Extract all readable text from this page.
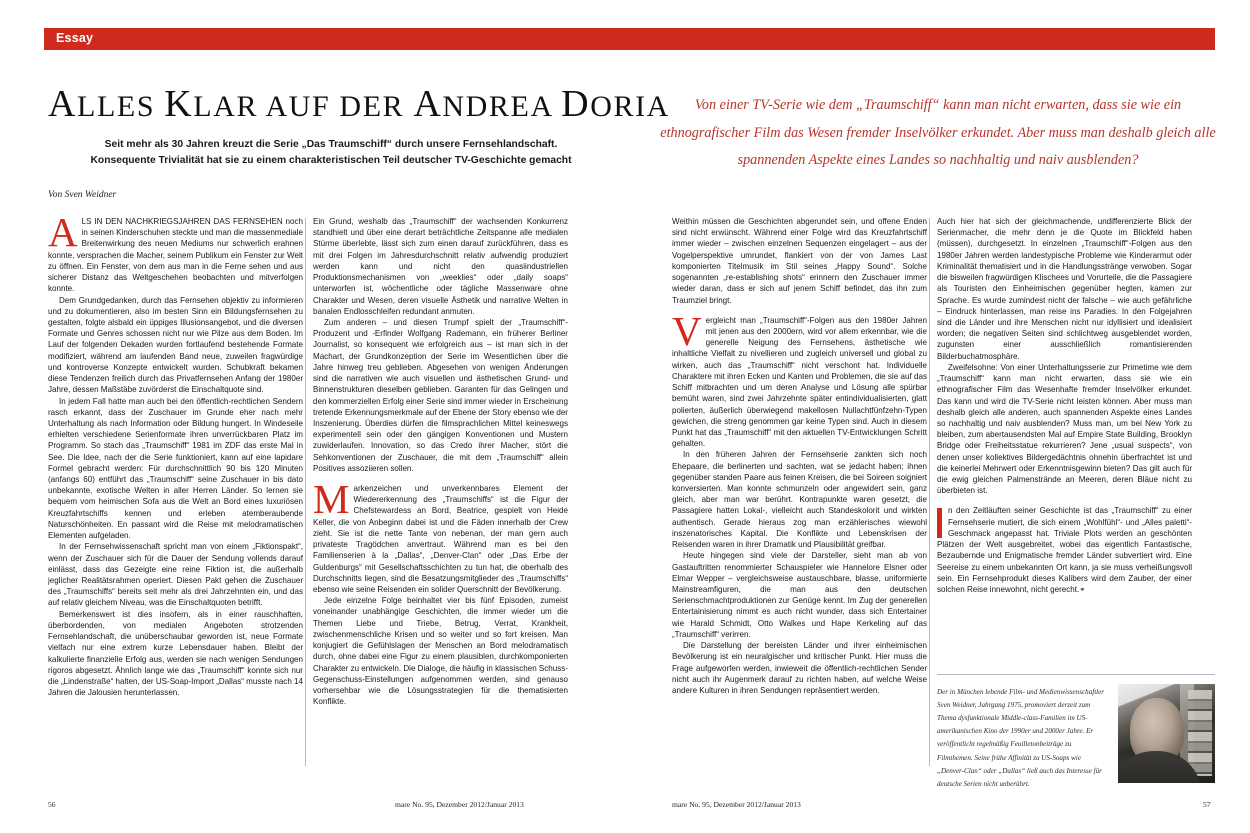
Essay
ALLES KLAR AUF DER ANDREA DORIA

Seit mehr als 30 Jahren kreuzt die Serie „Das Traumschiff“ durch unsere Fernsehlandschaft.

Konsequente Trivialität hat sie zu einem charakteristischen Teil deutscher TV-Geschichte gemacht

Von Sven Weidner
Von einer TV-Serie wie dem „Traumschiff“ kann man nicht erwarten, dass sie wie ein ethnografischer Film das Wesen fremder Inselvölker erkundet. Aber muss man deshalb gleich alle spannenden Aspekte eines Landes so nachhaltig und naiv ausblenden?

ALS IN DEN NACHKRIEGSJAHREN DAS FERNSEHEN noch in seinen Kinderschuhen steckte und man die massenmediale Breitenwirkung des neuen Mediums nur schwerlich erahnen konnte, versprachen die Macher, seinem Publikum ein Fenster zur Welt zu öffnen. Ein Fenster, von dem aus man in die Ferne sehen und aus sicherer Distanz das Weltgeschehen beobachten und mitverfolgen konnte.

Dem Grundgedanken, durch das Fernsehen objektiv zu informieren und zu dokumentieren, also im besten Sinn ein Bildungsfernsehen zu gestalten, folgte alsbald ein üppiges Illusionsangebot, und die diversen Formate und Genres schossen nicht nur wie Pilze aus dem Boden. Im Lauf der folgenden Dekaden wurden fortlaufend bestehende Formate modifiziert, während am laufenden Band neue, zuweilen fragwürdige und kontroverse Konzepte entwickelt wurden. Schubkraft bekamen diese Tendenzen freilich durch das Privatfernsehen Anfang der 1980er Jahre, dessen Maßstäbe zuvörderst die Einschaltquote sind.

In jedem Fall hatte man auch bei den öffentlich-rechtlichen Sendern rasch erkannt, dass der Zuschauer im Grunde eher nach mehr Unterhaltung als nach Information oder Bildung hungert. In Windeseile erhielten verschiedene Serienformate ihren unverrückbaren Platz im Programm. So stach das „Traumschiff“ 1981 im ZDF das erste Mal in See. Die Idee, nach der die Serie funktioniert, kann auf eine lapidare Formel gebracht werden: Für durchschnittlich 90 bis 120 Minuten (anfangs 60) entführt das „Traumschiff“ seine Zuschauer in bis dato unbekannte, exotische Welten in aller Herren Länder. So lernen sie bequem vom heimischen Sofa aus die Welt an Bord eines luxuriösen Kreuzfahrtschiffs kennen und erleben atemberaubende Naturschönheiten. En passant wird die Reise mit melodramatischen Elementen aufgeladen.

In der Fernsehwissenschaft spricht man von einem „Fiktionspakt“, wenn der Zuschauer sich für die Dauer der Sendung vollends darauf einlässt, dass das Gezeigte eine reine Fiktion ist, die außerhalb jeglicher Realitätsrahmen operiert. Diesen Pakt gehen die Zuschauer des „Traumschiffs“ bereits seit mehr als drei Jahrzehnten ein, und das auf relativ gleichem Niveau, was die Einschaltquoten betrifft.

Bemerkenswert ist dies insofern, als in einer rauschhaften, überbordenden, von medialen Angeboten strotzenden Fernsehlandschaft, die unüberschaubar geworden ist, neue Formate vielfach nur eine extrem kurze Lebensdauer haben. Bleibt der kalkulierte finanzielle Erfolg aus, werden sie nach wenigen Sendungen rigoros abgesetzt. Ähnlich lange wie das „Traumschiff“ konnte sich nur die „Lindenstraße“ halten, der US-Soap-Import „Dallas“ musste nach 14 Jahren die Jalousien herunterlassen.

Ein Grund, weshalb das „Traumschiff“ der wachsenden Konkurrenz standhielt und über eine derart beträchtliche Zeitspanne alle medialen Stürme überlebte, lässt sich zum einen darauf zurückführen, dass es mit drei Folgen im Jahresdurchschnitt relativ aufwendig produziert werden kann und nicht den quasiindustriellen Produktionsmechanismen von „weeklies“ oder „daily soaps“ unterworfen ist, wöchentliche oder tägliche Massenware ohne Charakter und Wesen, deren visuelle Ästhetik und narrative Welten in banalen Endlosschleifen redundant anmuten.

Zum anderen – und diesen Trumpf spielt der „Traumschiff“-Produzent und -Erfinder Wolfgang Rademann, ein früherer Berliner Journalist, so konsequent wie erfolgreich aus – ist man sich in der Machart, der Grundkonzeption der Serie im Wesentlichen über die Jahre hinweg treu geblieben. Abgesehen von wenigen Änderungen sind die narrativen wie auch visuellen und ästhetischen Grund- und Binnenstrukturen dieselben geblieben. Garanten für das Gelingen und den kommerziellen Erfolg einer Serie sind immer wieder in Erscheinung tretende Erkennungsmerkmale auf der Ebene der Story ebenso wie der Inszenierung. Überdies dürfen die filmsprachlichen Mittel keineswegs experimentell sein oder den gängigen Konventionen und Mustern zuwiderlaufen. Innovation, so das Credo ihrer Macher, stört die Sehkonventionen der Zuschauer, die mit dem „Traumschiff“ allein Positives assoziieren sollen.

Markenzeichen und unverkennbares Element der Wiedererkennung des „Traumschiffs“ ist die Figur der Chefstewardess an Bord, Beatrice, gespielt von Heide Keller, die von Anbeginn dabei ist und die Fäden innerhalb der Crew zieht. Sie ist die nette Tante von nebenan, der man gern auch privateste Tragödchen anvertraut. Während man es bei den Familienserien à la „Dallas“, „Denver-Clan“ oder „Das Erbe der Guldenburgs“ mit Gesellschaftsschichten zu tun hat, die oberhalb des Durchschnitts liegen, sind die Besatzungsmitglieder des „Traumschiffs“ ebenso wie seine Reisenden ein solider Querschnitt der Bevölkerung.

Jede einzelne Folge beinhaltet vier bis fünf Episoden, zumeist voneinander unabhängige Geschichten, die immer wieder um die Themen Liebe und Triebe, Betrug, Verrat, Krankheit, zwischenmenschliche Krisen und so weiter und so fort kreisen. Man konjugiert die Gefühlslagen der Menschen an Bord melodramatisch durch, ohne dabei eine Figur zu einem plausiblen, durchkomponierten Charakter zu entwickeln. Die Dialoge, die häufig in klassischen Schuss-Gegenschuss-Einstellungen aufgenommen werden, sind genauso vorhersehbar wie die Lösungsstrategien für die thematisierten Konflikte.

Weithin müssen die Geschichten abgerundet sein, und offene Enden sind nicht erwünscht. Während einer Folge wird das Kreuzfahrtschiff immer wieder – zwischen einzelnen Sequenzen eingelagert – aus der Vogelperspektive umrundet, flankiert von der von James Last komponierten Titelmusik im Stil seines „Happy Sound“. Solche sogenannten „re-establishing shots“ erinnern den Zuschauer immer wieder daran, dass er sich auf jenem Schiff befindet, das ihn zum Traumziel bringt.

Vergleicht man „Traumschiff“-Folgen aus den 1980er Jahren mit jenen aus den 2000ern, wird vor allem erkennbar, wie die generelle Neigung des Fernsehens, ästhetische wie inhaltliche Vielfalt zu nivellieren und zugleich universell und global zu wirken, auch das „Traumschiff“ nicht verschont hat. Individuelle Charaktere mit ihren Ecken und Kanten und Problemen, die sie auf das Schiff mitbrachten und um deren Analyse und Lösung alle spürbar bemüht waren, sind zwei Jahrzehnte später entindividualisierten, glatt polierten, äußerlich überwiegend makellosen Nullachtfünfzehn-Typen gewichen, die streng genommen gar keine Typen sind. Auch in diesem Punkt hat das „Traumschiff“ mit den aktuellen TV-Entwicklungen Schritt gehalten.

In den früheren Jahren der Fernsehserie zankten sich noch Ehepaare, die berlinerten und sachten, wat se jedacht haben; ihnen gegenüber standen Paare aus feinen Kreisen, die bei Soireen soigniert konversierten. Man konnte schmunzeln oder angewidert sein, ganz gleich, aber man war berührt. Kontrapunkte waren gesetzt, die Passagiere hatten Lokal-, vielleicht auch Standeskolorit und wirkten authentisch. Gerade hieraus zog man erzählerisches wiewohl inszenatorisches Kapital. Die Konflikte und Lebenskrisen der Reisenden waren in ihrer Dramatik und Plausibilität greifbar.

Heute hingegen sind viele der Darsteller, sieht man ab von Gastauftritten renommierter Schauspieler wie Hannelore Elsner oder Elmar Wepper – vergleichsweise austauschbare, blasse, uniformierte Mainstreamfiguren, die man aus den deutschen Serienschmachtproduktionen zur Genüge kennt. Im Zug der generellen Entertainisierung nimmt es auch nicht wunder, dass sich Entertainer wie Harald Schmidt, Otto Walkes und Hape Kerkeling auf das „Traumschiff“ verirren.

Die Darstellung der bereisten Länder und ihrer einheimischen Bevölkerung ist ein neuralgischer und kritischer Punkt. Hier muss die Frage aufgeworfen werden, inwieweit die öffentlich-rechtlichen Sender nicht auch ihr Augenmerk darauf zu richten haben, auf welche Weise andere Kulturen in ihren Sendungen repräsentiert werden.

Auch hier hat sich der gleichmachende, undifferenzierte Blick der Serienmacher, die mehr denn je die Quote im Blickfeld haben (müssen), durchgesetzt. In einzelnen „Traumschiff“-Folgen aus den 1980er Jahren werden landestypische Probleme wie Kinderarmut oder Kriminalität thematisiert und in die Handlungsstränge verwoben. Sogar die bisweilen fragwürdigen Klischees und Vorurteile, die die Passagiere als Touristen den Einheimischen gegenüber hegten, kamen zur Sprache. Es wurde zumindest nicht der falsche – wie auch gefährliche – Eindruck hinterlassen, man reise ins Paradies. In den Folgejahren sind die Länder und ihre Menschen nicht nur idyllisiert und idealisiert worden; die negativen Seiten sind schlichtweg ausgeblendet worden, zugunsten einer ausschließlich romantisierenden Bilderbuchatmosphäre.

Zweifelsohne: Von einer Unterhaltungsserie zur Primetime wie dem „Traumschiff“ kann man nicht erwarten, dass sie wie ein ethnografischer Film das Wesenhafte fremder Inselvölker erkundet. Das kann und wird die TV-Serie nicht leisten können. Aber muss man deshalb gleich alle anderen, auch spannenden Aspekte eines Landes so nachhaltig und naiv ausblenden? Muss man, um bei New York zu bleiben, zum abertausendsten Mal auf Empire State Building, Brooklyn Bridge oder Freiheitsstatue rekurrieren? Jene „usual suspects“, von denen unser kollektives Bildergedächtnis ohnehin überfrachtet ist und die keinerlei Mehrwert oder Erkenntnisgewinn bieten? Das gilt auch für die ewig gleichen Palmenstrände an Meeren, deren Bläue nicht zu überbieten ist.

n den Zeitläuften seiner Geschichte ist das „Traumschiff“ zu einer Fernsehserie mutiert, die sich einem „Wohlfühl“- und „Alles paletti“-Geschmack angepasst hat. Triviale Plots werden an geschönten Plätzen der Welt ausgebreitet, wobei das eigentlich Fantastische, Bezaubernde und Enigmatische fremder Länder subvertiert wird. Eine Seereise zu einem unbekannten Ort kann, ja sie muss verheißungsvoll sein. Ein Fernsehprodukt dieses Kalibers wird dem Zauber, der einer solchen Reise innewohnt, nicht gerecht.⚭

Der in München lebende Film- und Medienwissenschaftler Sven Weidner, Jahrgang 1975, promoviert derzeit zum Thema dysfunktionale Middle-class-Familien im US-amerikanischen Kino der 1990er und 2000er Jahre. Er veröffentlicht regelmäßig Feuilletonbeiträge zu Filmthemen. Seine frühe Affinität zu US-Soaps wie „Denver-Clan“ oder „Dallas“ ließ auch das Interesse für deutsche Serien nicht unberührt.
56	mare No. 95, Dezember 2012/Januar 2013	mare No. 95, Dezember 2012/Januar 2013	57
